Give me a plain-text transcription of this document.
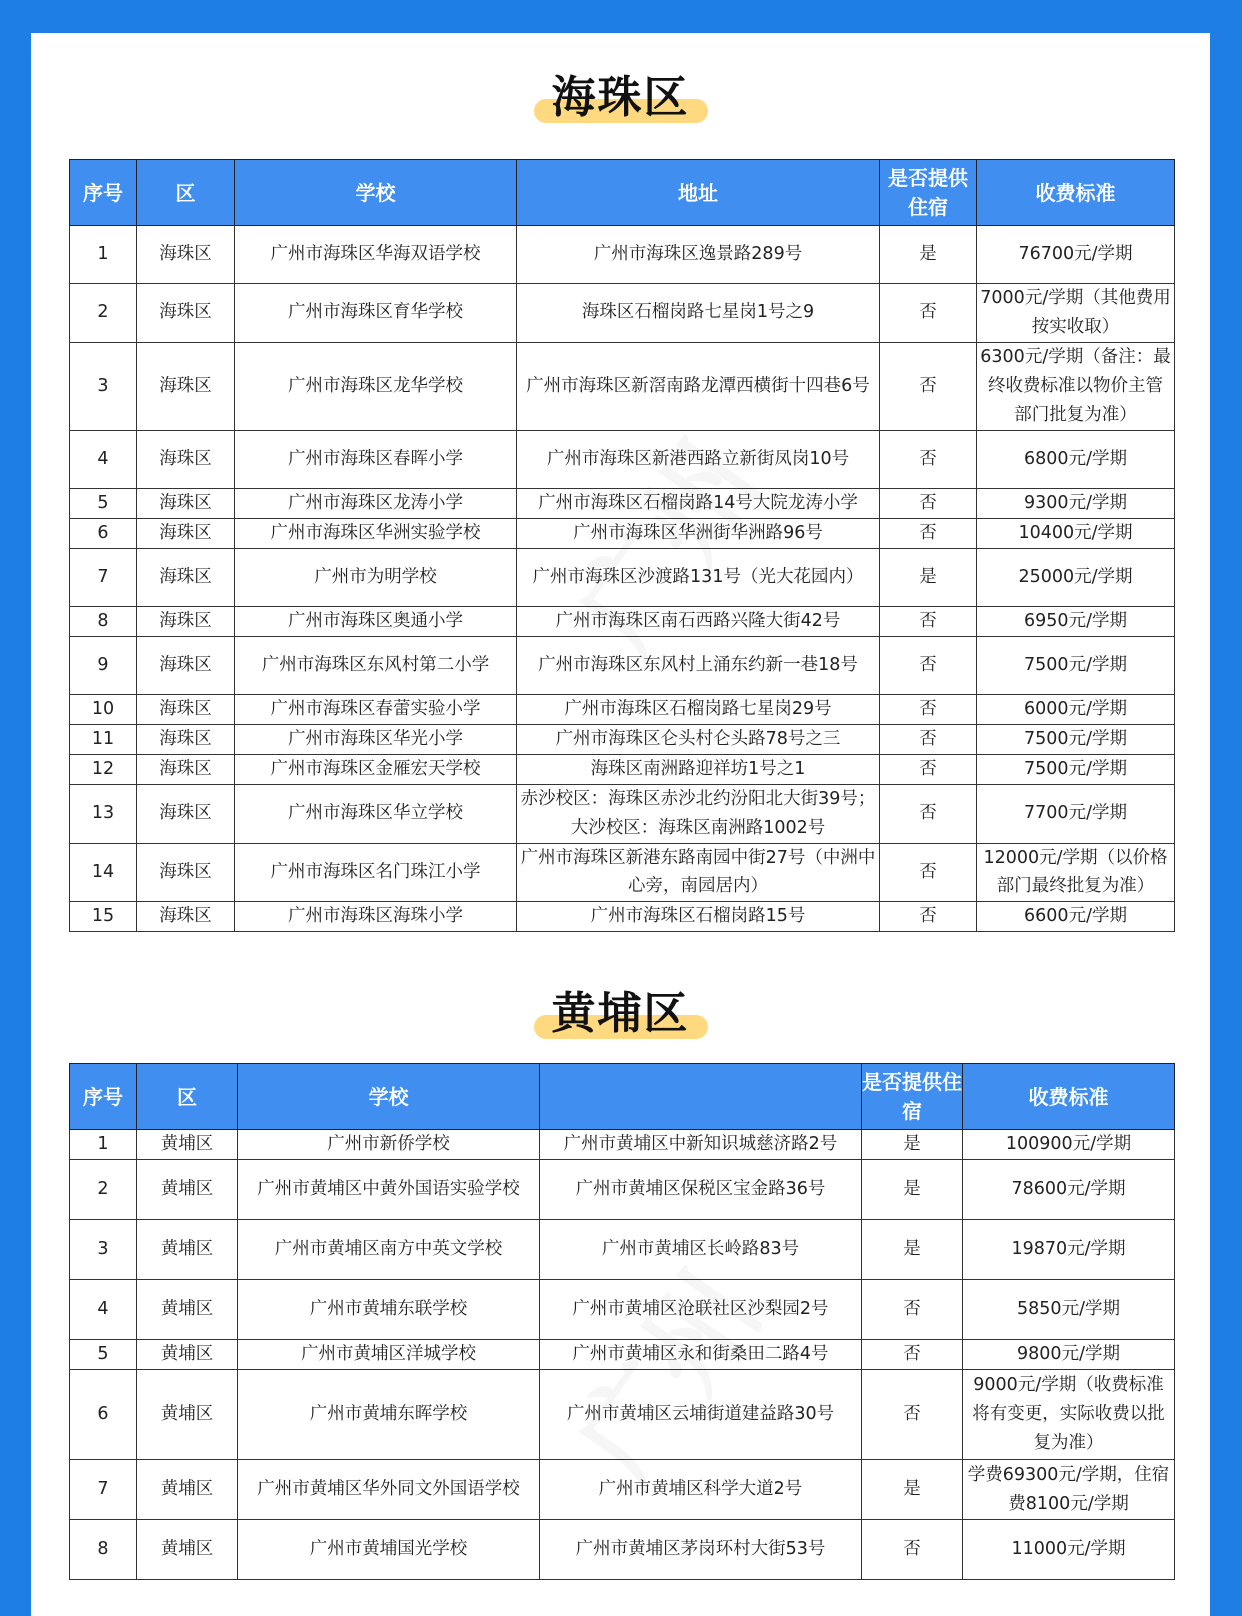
海珠区
序号	区	学校	地址	是否提供住宿	收费标准
1	海珠区	广州市海珠区华海双语学校	广州市海珠区逸景路289号	是	76700元/学期
2	海珠区	广州市海珠区育华学校	海珠区石榴岗路七星岗1号之9	否	7000元/学期（其他费用按实收取）
3	海珠区	广州市海珠区龙华学校	广州市海珠区新滘南路龙潭西横街十四巷6号	否	6300元/学期（备注：最终收费标准以物价主管部门批复为准）
4	海珠区	广州市海珠区春晖小学	广州市海珠区新港西路立新街凤岗10号	否	6800元/学期
5	海珠区	广州市海珠区龙涛小学	广州市海珠区石榴岗路14号大院龙涛小学	否	9300元/学期
6	海珠区	广州市海珠区华洲实验学校	广州市海珠区华洲街华洲路96号	否	10400元/学期
7	海珠区	广州市为明学校	广州市海珠区沙渡路131号（光大花园内）	是	25000元/学期
8	海珠区	广州市海珠区奥通小学	广州市海珠区南石西路兴隆大街42号	否	6950元/学期
9	海珠区	广州市海珠区东风村第二小学	广州市海珠区东风村上涌东约新一巷18号	否	7500元/学期
10	海珠区	广州市海珠区春蕾实验小学	广州市海珠区石榴岗路七星岗29号	否	6000元/学期
11	海珠区	广州市海珠区华光小学	广州市海珠区仑头村仑头路78号之三	否	7500元/学期
12	海珠区	广州市海珠区金雁宏天学校	海珠区南洲路迎祥坊1号之1	否	7500元/学期
13	海珠区	广州市海珠区华立学校	赤沙校区：海珠区赤沙北约汾阳北大街39号；大沙校区：海珠区南洲路1002号	否	7700元/学期
14	海珠区	广州市海珠区名门珠江小学	广州市海珠区新港东路南园中街27号（中洲中心旁，南园居内）	否	12000元/学期（以价格部门最终批复为准）
15	海珠区	广州市海珠区海珠小学	广州市海珠区石榴岗路15号	否	6600元/学期
黄埔区
序号	区	学校		是否提供住宿	收费标准
1	黄埔区	广州市新侨学校	广州市黄埔区中新知识城慈济路2号	是	100900元/学期
2	黄埔区	广州市黄埔区中黄外国语实验学校	广州市黄埔区保税区宝金路36号	是	78600元/学期
3	黄埔区	广州市黄埔区南方中英文学校	广州市黄埔区长岭路83号	是	19870元/学期
4	黄埔区	广州市黄埔东联学校	广州市黄埔区沧联社区沙梨园2号	否	5850元/学期
5	黄埔区	广州市黄埔区洋城学校	广州市黄埔区永和街桑田二路4号	否	9800元/学期
6	黄埔区	广州市黄埔东晖学校	广州市黄埔区云埔街道建益路30号	否	9000元/学期（收费标准将有变更，实际收费以批复为准）
7	黄埔区	广州市黄埔区华外同文外国语学校	广州市黄埔区科学大道2号	是	学费69300元/学期，住宿费8100元/学期
8	黄埔区	广州市黄埔国光学校	广州市黄埔区茅岗环村大街53号	否	11000元/学期
